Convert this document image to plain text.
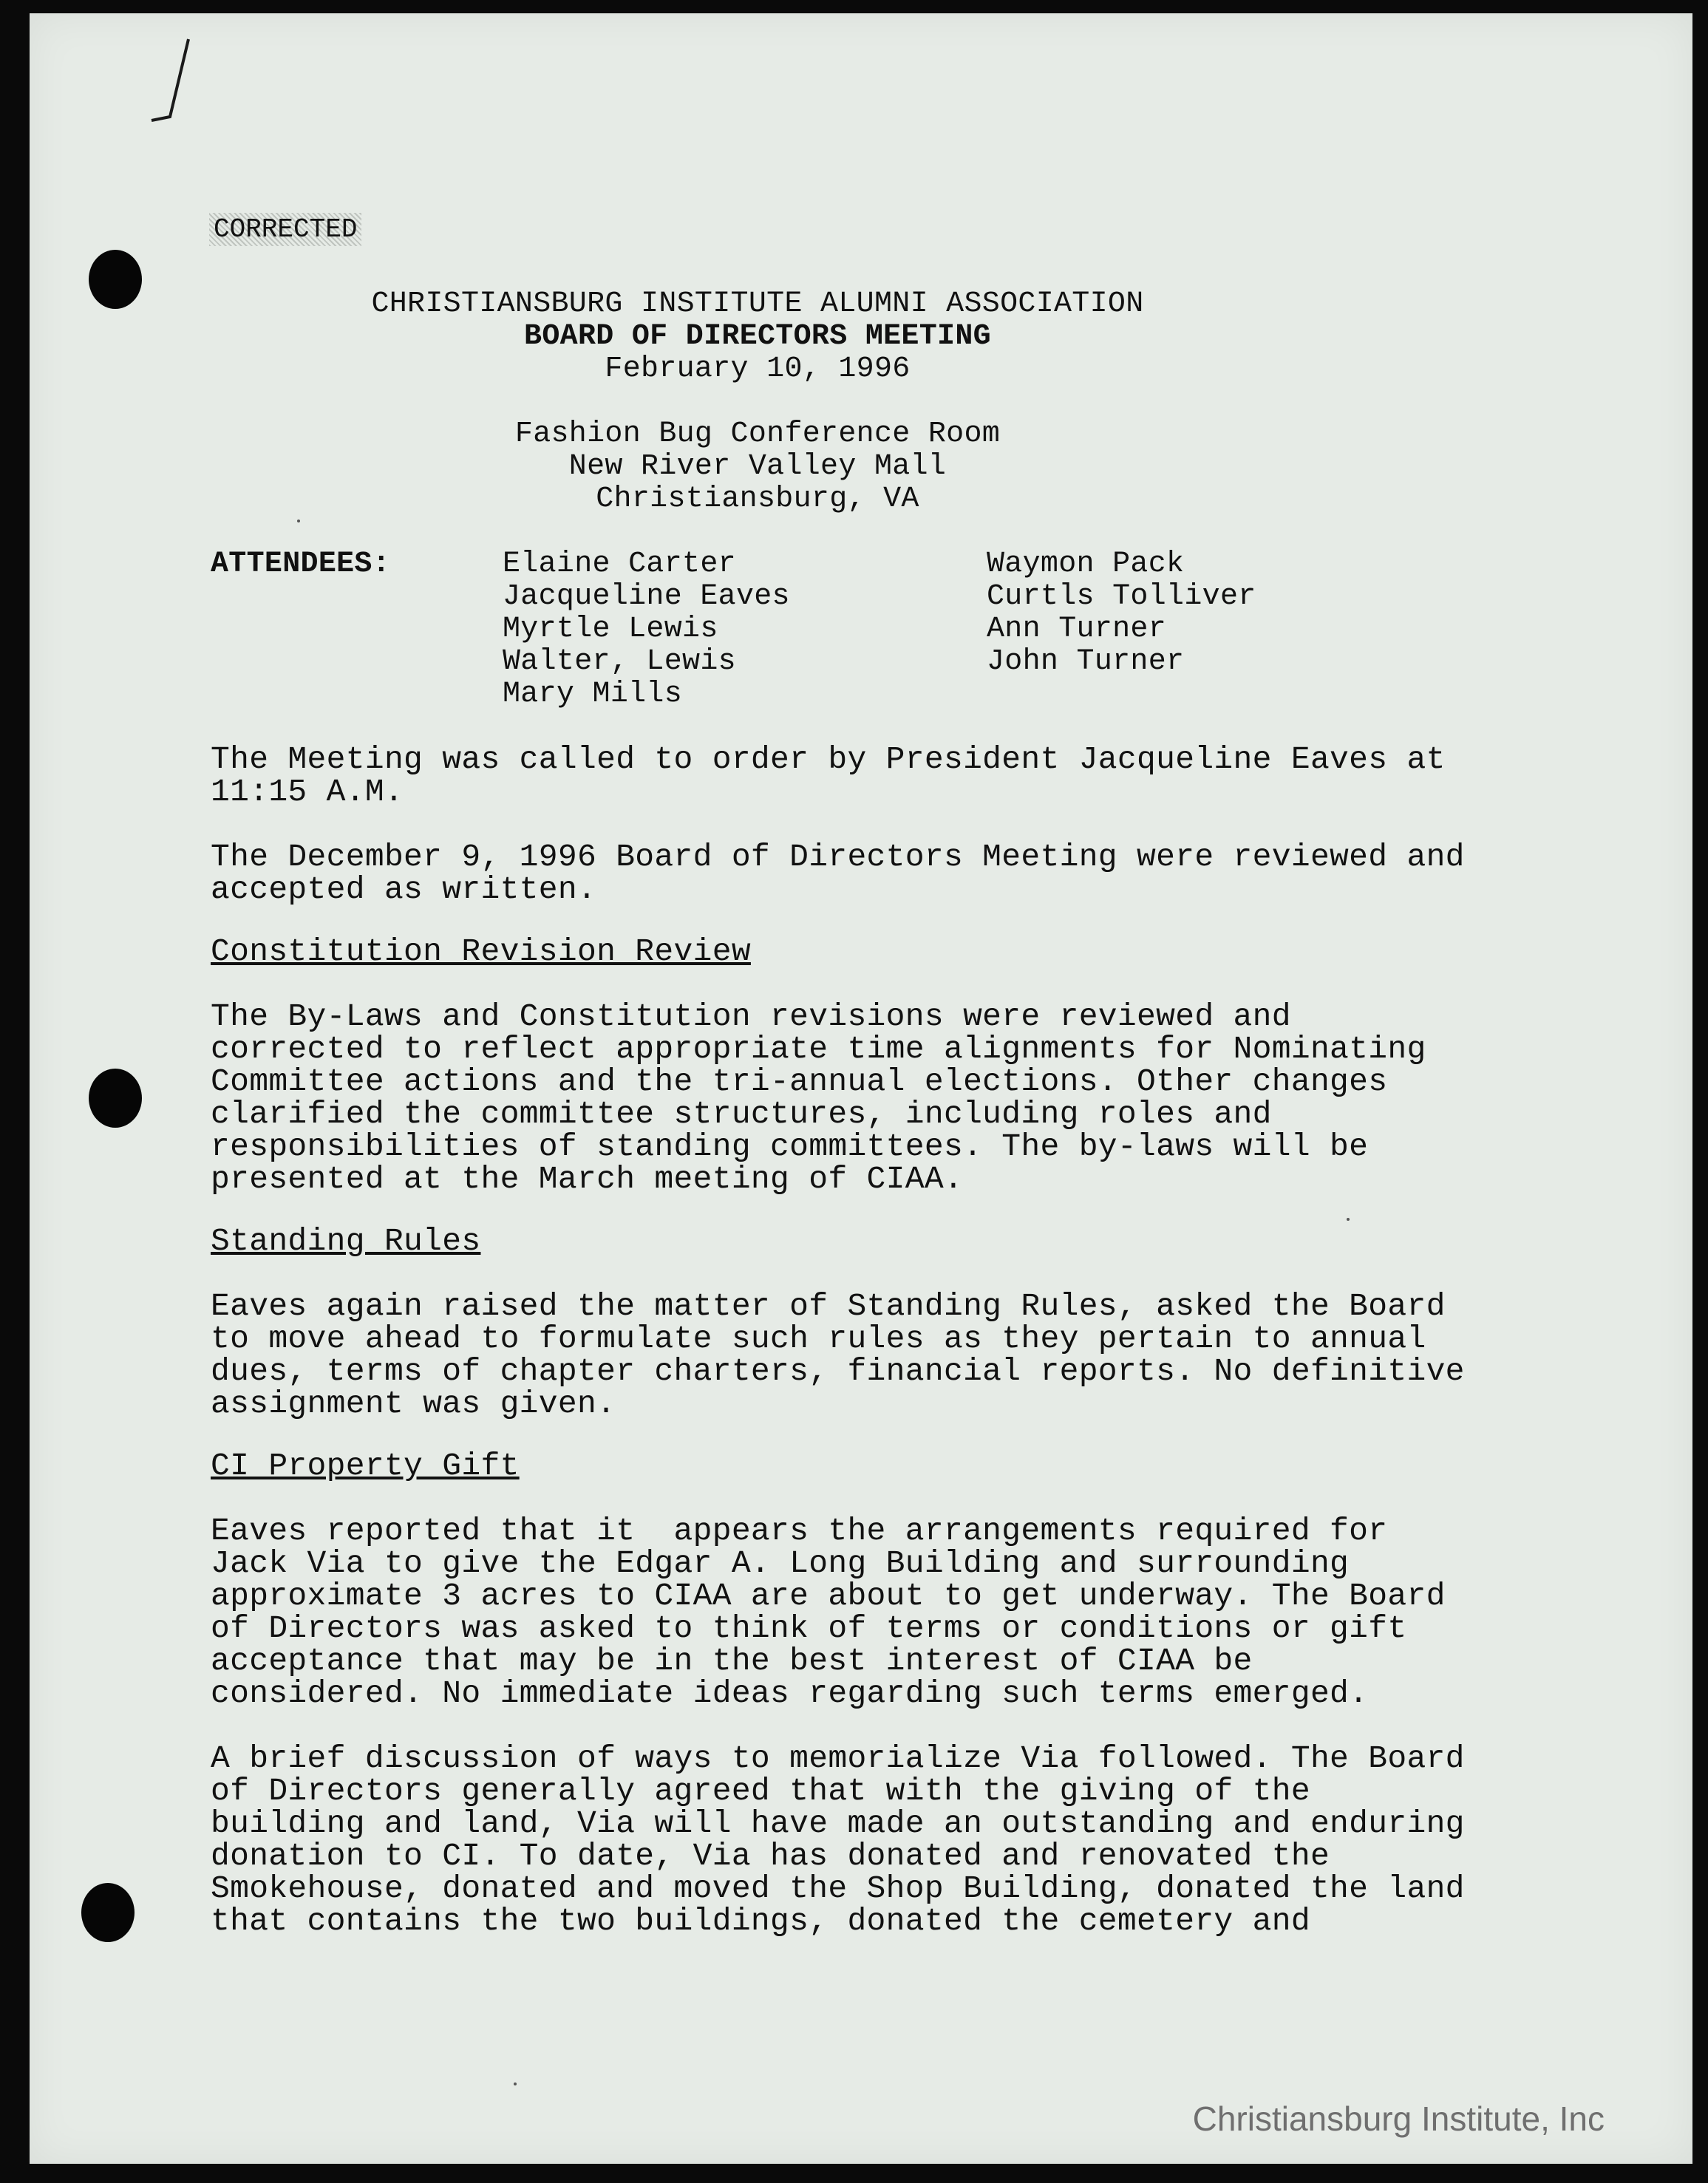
CORRECTED
CHRISTIANSBURG INSTITUTE ALUMNI ASSOCIATION
BOARD OF DIRECTORS MEETING
February 10, 1996
Fashion Bug Conference Room
New River Valley Mall
Christiansburg, VA
ATTENDEES:	Elaine Carter
Jacqueline Eaves
Myrtle Lewis
Walter, Lewis
Mary Mills
Waymon Pack
Curtls Tolliver
Ann Turner
John Turner
The Meeting was called to order by President Jacqueline Eaves at
11:15 A.M.
The December 9, 1996 Board of Directors Meeting were reviewed and
accepted as written.
Constitution Revision Review
The By-Laws and Constitution revisions were reviewed and
corrected to reflect appropriate time alignments for Nominating
Committee actions and the tri-annual elections. Other changes
clarified the committee structures, including roles and
responsibilities of standing committees. The by-laws will be
presented at the March meeting of CIAA.
Standing Rules
Eaves again raised the matter of Standing Rules, asked the Board
to move ahead to formulate such rules as they pertain to annual
dues, terms of chapter charters, financial reports. No definitive
assignment was given.
CI Property Gift
Eaves reported that it  appears the arrangements required for
Jack Via to give the Edgar A. Long Building and surrounding
approximate 3 acres to CIAA are about to get underway. The Board
of Directors was asked to think of terms or conditions or gift
acceptance that may be in the best interest of CIAA be
considered. No immediate ideas regarding such terms emerged.
A brief discussion of ways to memorialize Via followed. The Board
of Directors generally agreed that with the giving of the
building and land, Via will have made an outstanding and enduring
donation to CI. To date, Via has donated and renovated the
Smokehouse, donated and moved the Shop Building, donated the land
that contains the two buildings, donated the cemetery and
Christiansburg Institute, Inc
